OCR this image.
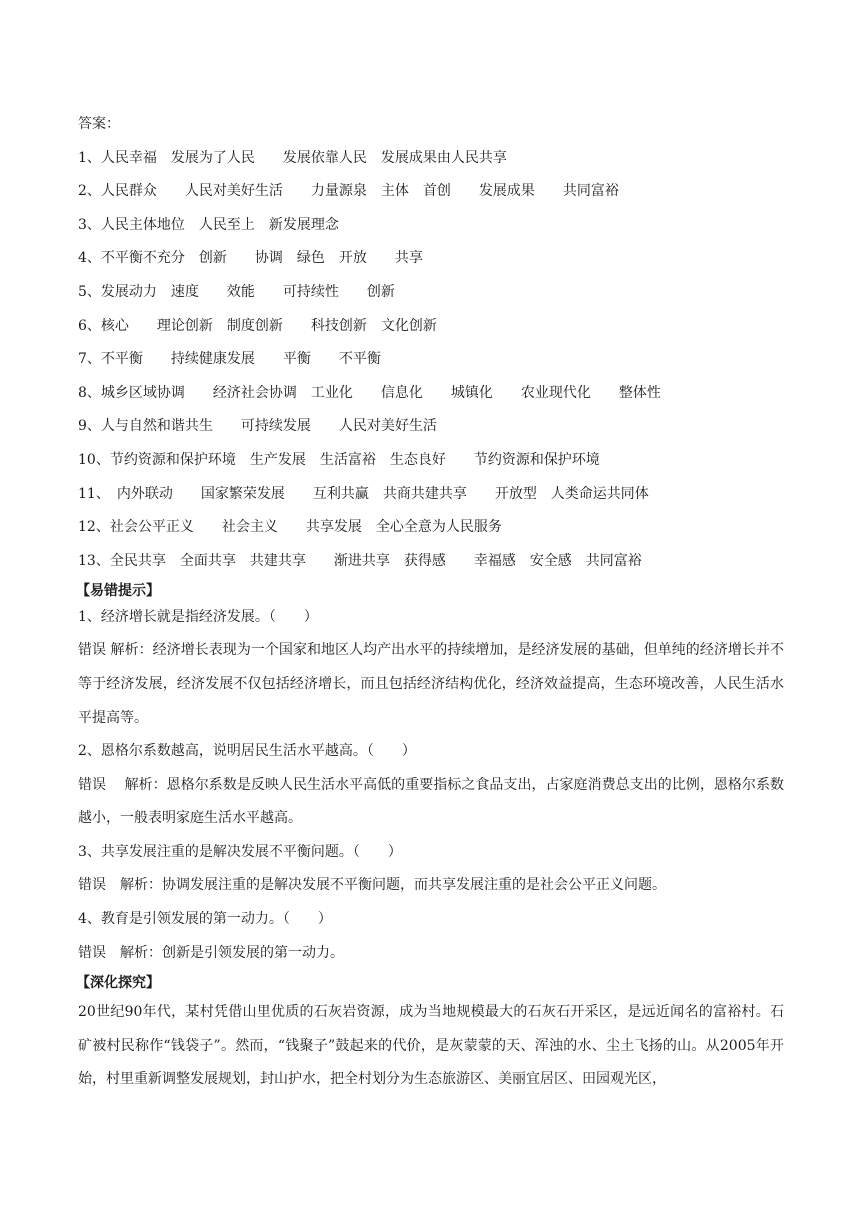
答案：
1、人民幸福　发展为了人民　　发展依靠人民　发展成果由人民共享
2、人民群众　　人民对美好生活　　力量源泉　主体　首创　　发展成果　　共同富裕
3、人民主体地位　人民至上　新发展理念
4、不平衡不充分　创新　　协调　绿色　开放　　共享
5、发展动力　速度　　效能　　可持续性　　创新
6、核心　　理论创新　制度创新　　科技创新　文化创新
7、不平衡　　持续健康发展　　平衡　　不平衡
8、城乡区域协调　　经济社会协调　工业化　　信息化　　城镇化　　农业现代化　　整体性
9、人与自然和谐共生　　可持续发展　　人民对美好生活
10、节约资源和保护环境　生产发展　生活富裕　生态良好　　节约资源和保护环境
11、　内外联动　　国家繁荣发展　　互利共赢　共商共建共享　　开放型　人类命运共同体
12、社会公平正义　　社会主义　　共享发展　全心全意为人民服务
13、全民共享　全面共享　共建共享　　渐进共享　获得感　　幸福感　安全感　共同富裕
【易错提示】
1、经济增长就是指经济发展。（　　）
错误 解析：经济增长表现为一个国家和地区人均产出水平的持续增加，是经济发展的基础，但单纯的经济增长并不等于经济发展，经济发展不仅包括经济增长，而且包括经济结构优化，经济效益提高，生态环境改善，人民生活水平提高等。
2、恩格尔系数越高，说明居民生活水平越高。（　　）
错误　 解析：恩格尔系数是反映人民生活水平高低的重要指标之食品支出，占家庭消费总支出的比例，恩格尔系数越小，一般表明家庭生活水平越高。
3、共享发展注重的是解决发展不平衡问题。（　　）
错误　解析：协调发展注重的是解决发展不平衡问题，而共享发展注重的是社会公平正义问题。
4、教育是引领发展的第一动力。（　　）
错误　解析：创新是引领发展的第一动力。
【深化探究】
20世纪90年代，某村凭借山里优质的石灰岩资源，成为当地规模最大的石灰石开采区，是远近闻名的富裕村。石矿被村民称作“钱袋子”。然而，“钱聚子”鼓起来的代价，是灰蒙蒙的天、浑浊的水、尘土飞扬的山。从2005年开始，村里重新调整发展规划，封山护水，把全村划分为生态旅游区、美丽宜居区、田园观光区，
